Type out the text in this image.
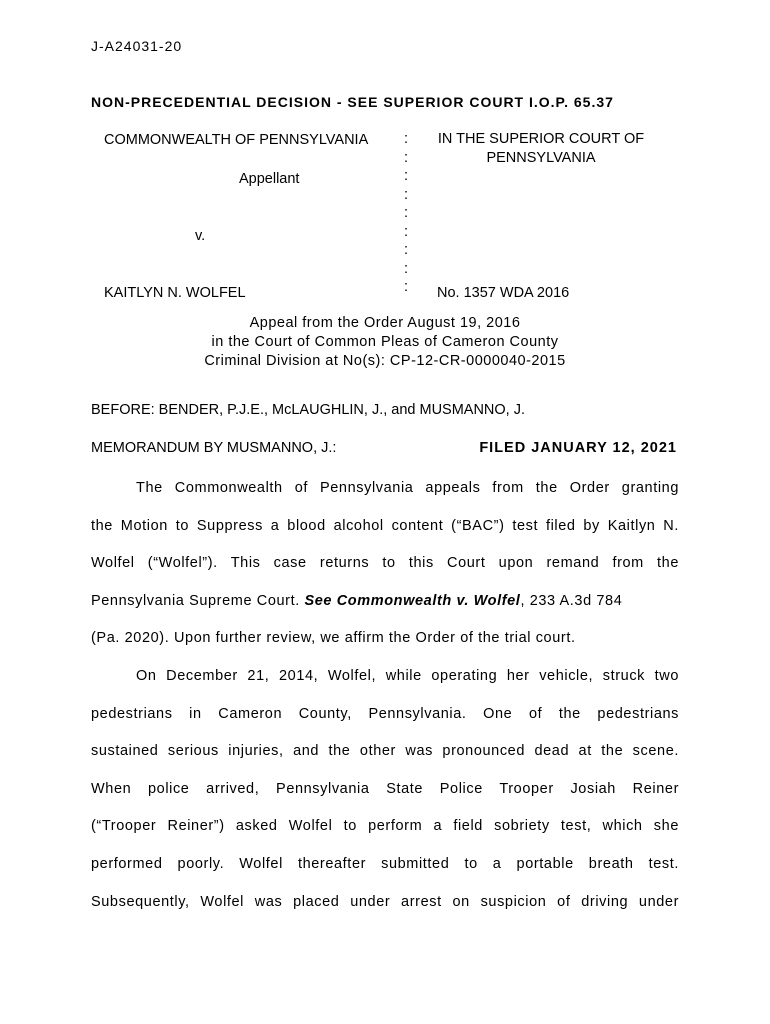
J-A24031-20
NON-PRECEDENTIAL DECISION - SEE SUPERIOR COURT I.O.P. 65.37
COMMONWEALTH OF PENNSYLVANIA
Appellant
v.
KAITLYN N. WOLFEL
:
:
:
:
:
:
:
:
:
IN THE SUPERIOR COURT OF
PENNSYLVANIA
No. 1357 WDA 2016
Appeal from the Order August 19, 2016
in the Court of Common Pleas of Cameron County
Criminal Division at No(s): CP-12-CR-0000040-2015
BEFORE: BENDER, P.J.E., McLAUGHLIN, J., and MUSMANNO, J.
MEMORANDUM BY MUSMANNO, J.:	FILED JANUARY 12, 2021
The Commonwealth of Pennsylvania appeals from the Order granting
the Motion to Suppress a blood alcohol content (“BAC”) test filed by Kaitlyn N.
Wolfel (“Wolfel”). This case returns to this Court upon remand from the
Pennsylvania Supreme Court. See Commonwealth v. Wolfel, 233 A.3d 784
(Pa. 2020). Upon further review, we affirm the Order of the trial court.
On December 21, 2014, Wolfel, while operating her vehicle, struck two
pedestrians in Cameron County, Pennsylvania. One of the pedestrians
sustained serious injuries, and the other was pronounced dead at the scene.
When police arrived, Pennsylvania State Police Trooper Josiah Reiner
(“Trooper Reiner”) asked Wolfel to perform a field sobriety test, which she
performed poorly. Wolfel thereafter submitted to a portable breath test.
Subsequently, Wolfel was placed under arrest on suspicion of driving under
